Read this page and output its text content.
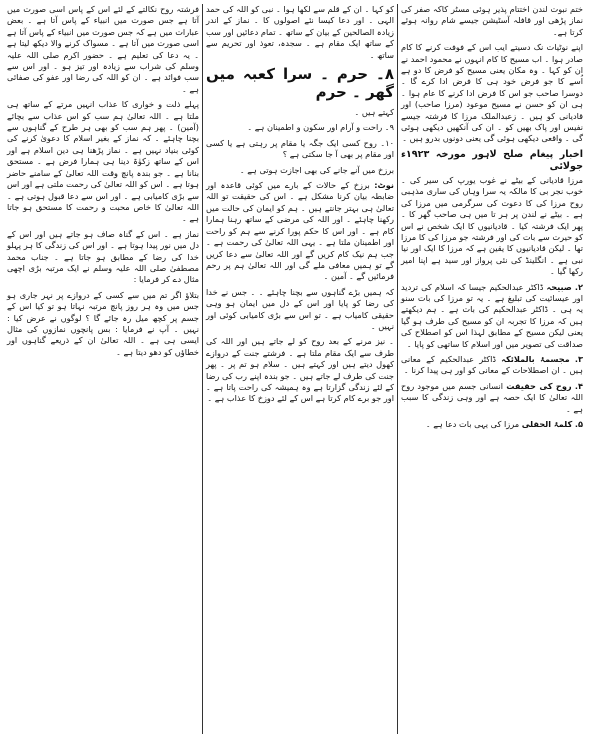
ختم نبوت لندن اختتام پذیر ہوئی مسٹر کاکہ صفر کی نماز پڑھی اور قافلہ آسٹیشن جیسے شام روانہ ہوئے کرتا ہے۔

اپنے نوٹیات نک دسیتے ایب اس کے فوفت کرنے کا کام صادر ہوا ۔ اب مسیح کا کام انہوں نے محمود احمد نے ان کو کہا ۔ وہ مکان یعنی مسیح کو فرض کا دو ہے اُسے کا جو فرض خود ہی کا فرض ادا کرے گا ۔ دوسرا صاحب جو اس کا فرض ادا کرنے کا عام ہوا ۔ ہی ان کو حسن نے مسیح موعود (مرزا صاحب) اور قادیانی کو ہیں ۔ زعبدالملک مرزا کا فرشتہ جیسے نفیس اور پاک بھیں کو ۔ ان کی آنکھیں دیکھی ہوئی گی ۔ واقعی دیکھی ہوئی گی یعنی دونوں بدرو ہیں ۔

اخبار پیغام صلح لاہور مورخہ ۱۹۲۳ء جولائی

مرزا قادیانی کے بیٹے نے غوب یورپ کی سیر کی ۔ خوب نجر بی کا مالکہ یہ سرا وہاں کی ساری مذہبی روح مرزا کی کا دعوت کی سرگرمی میں مرزا کی ہے ۔ بیٹے نے لندن پر ہر تا میں ہی صاحب گھر کا ۔ پھر ایک فرشتہ کیا ۔ قادیانیوں کا ایک شخص نے اس کو حیرت سے بات کی اور فرشتہ جو مرزا کی کا مرزا تھا ۔ لیکن قادیانیوں کا یقین ہے کہ مرزا کا ایک اور نیا نبی ہے ۔ انگلینڈ کی نئی پرواز اور سید ہے اپنا امیر رکھا گیا ۔

۲. صبیحہ ڈاکٹر عبدالحکیم جیسا کہ اسلام کی تردید اور عیسائیت کی تبلیغ ہے ۔ یہ تو مرزا کی بات سنو یہ ہی ۔ ڈاکٹر عبدالحکیم کی بات ہے ۔ ہم دیکھتے ہیں کہ مرزا کا تجربہ ان کو مسیح کی طرف ہو گیا یعنی لیکن مسیح کے مطابق لہذا اس کو اصطلاح کی صداقت کی تصویر میں اور اسلام کا ساتھی کو پایا ۔
۳. مجسمۂ بالملائکہ ڈاکٹر عبدالحکیم کے معانی ہیں ۔ ان اصطلاحات کے معانی کو اور ہی پیدا کرنا ۔
۴. روح کی حقیقت انسانی جسم میں موجود روح اللہ تعالیٰ کا ایک حصہ ہے اور وہی زندگی کا سبب ہے ۔
۵. کلمۂ الحقلی مرزا کی یہی بات دعا ہے ۔

کو کہا ۔ ان کے قلم سے لکھا ہوا ۔ نبی کو اللہ کی حمد الہی ۔ اور دعا کیسا نئے اصولوں کا ۔ نماز کے اندر زیادہ الصالحین کے بیان کے ساتھ ۔ تمام دعائیں اور سب کے ساتھ ایک مقام ہے ۔ سجدہ، تعوذ اور تحریم سے ساتھ ۔

۸۔ حرم ۔ سرا کعبہ میں گھر ۔ حرم

کہتے ہیں ۔

۹۔ راحت و آرام اور سکون و اطمینان ہے ۔

۱۰۔ روح کسی ایک جگہ یا مقام پر رہتی ہے یا کسی اور مقام پر بھی آ جا سکتی ہے ؟

برزخ میں آنے جانے کی بھی اجازت ہوتی ہے ۔

نوٹ: برزخ کے حالات کے بارے میں کوئی قاعدہ اور ضابطہ بیان کرنا مشکل ہے ۔ اس کی حقیقت تو اللہ تعالیٰ ہی بہتر جانتے ہیں ۔ ہم کو ایمان کی حالت میں رکھنا چاہئے ۔ اور اللہ کی مرضی کے ساتھ رہنا ہمارا کام ہے ۔ اور اس کا حکم پورا کرنے سے ہم کو راحت اور اطمینان ملتا ہے ۔ یہی اللہ تعالیٰ کی رحمت ہے ۔ جب ہم نیک کام کریں گے اور اللہ تعالیٰ سے دعا کریں گے تو ہمیں معافی ملے گی اور اللہ تعالیٰ ہم پر رحم فرمائیں گے ۔ آمین ۔

کہ ہمیں بڑے گناہوں سے بچنا چاہئے ۔ ۔ جس نے خدا کی رضا کو پایا اور اس کے دل میں ایمان ہو وہی حقیقی کامیاب ہے ۔ تو اس سے بڑی کامیابی کوئی اور نہیں ۔

۔ نیز مرنے کے بعد روح کو لے جاتے ہیں اور اللہ کی طرف سے ایک مقام ملتا ہے ۔ فرشتے جنت کے دروازے کھول دیتے ہیں اور کہتے ہیں ۔ سلام ہو تم پر ۔ پھر جنت کی طرف لے جاتے ہیں ۔ جو بندہ اپنے رب کی رضا کے لئے زندگی گزارتا ہے وہ ہمیشہ کی راحت پاتا ہے ۔ اور جو برے کام کرتا ہے اس کے لئے دوزخ کا عذاب ہے ۔

فرشتہ روح نکالتے کے لئے اس کے پاس اسی صورت میں آتا ہے جس صورت میں انبیاء کے پاس آتا ہے ۔ بعض عبارات میں ہے کہ جس صورت میں انبیاء کے پاس آتا ہے اسی صورت میں آتا ہے ۔ مسواک کرنے والا دیکھ لیتا ہے ۔ یہ دعا کی تعلیم ہے ۔ حضور اکرم صلی اللہ علیہ وسلم کی شراب سے زیادہ اور تیز ہو ۔ اور اس سے سب فوائد ہے ۔ ان کو اللہ کی رضا اور عفو کی صفائی ہے ۔

پہلے ذلت و خواری کا عذاب انہیں مرتے کے ساتھ ہی ملتا ہے ۔ اللہ تعالیٰ ہم سب کو اس عذاب سے بچائے (آمین) ۔ پھر ہم سب کو بھی ہر طرح کے گناہوں سے بچنا چاہئے ۔ کہ نماز کے بغیر اسلام کا دعویٰ کرنے کی کوئی بنیاد نہیں ہے ۔ نماز پڑھنا ہی دین اسلام ہے اور اس کے ساتھ زکوٰۃ دینا ہی ہمارا فرض ہے ۔ مستحق بنانا ہے ۔ جو بندہ پانچ وقت اللہ تعالیٰ کے سامنے حاضر ہوتا ہے ۔ اس کو اللہ تعالیٰ کی رحمت ملتی ہے اور اس سے بڑی کامیابی ہے ۔ اور اس سے دعا قبول ہوتی ہے ۔ اللہ تعالیٰ کا خاص محبت و رحمت کا مستحق ہو جاتا ہے ۔

نماز ہے ۔ اس کے گناہ صاف ہو جاتے ہیں اور اس کے دل میں نور پیدا ہوتا ہے ۔ اور اس کی زندگی کا ہر پہلو خدا کی رضا کے مطابق ہو جاتا ہے ۔ جناب محمد مصطفیٰ صلی اللہ علیہ وسلم نے ایک مرتبہ بڑی اچھی مثال دے کر فرمایا :

بتلاؤ اگر تم میں سے کسی کے دروازے پر نہر جاری ہو جس میں وہ ہر روز پانچ مرتبہ نہاتا ہو تو کیا اس کے جسم پر کچھ میل رہ جائے گا ؟ لوگوں نے عرض کیا : نہیں ۔ آپ نے فرمایا : بس پانچوں نمازوں کی مثال ایسی ہی ہے ۔ اللہ تعالیٰ ان کے ذریعے گناہوں اور خطاؤں کو دھو دیتا ہے ۔
